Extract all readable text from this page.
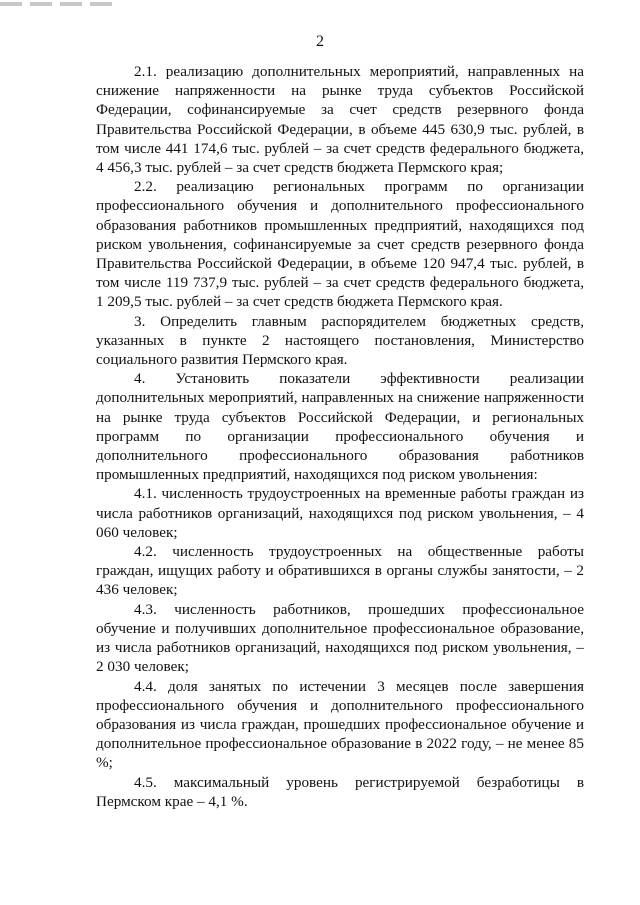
2

2.1. реализацию дополнительных мероприятий, направленных на снижение напряженности на рынке труда субъектов Российской Федерации, софинансируемые за счет средств резервного фонда Правительства Российской Федерации, в объеме 445 630,9 тыс. рублей, в том числе 441 174,6 тыс. рублей – за счет средств федерального бюджета, 4 456,3 тыс. рублей – за счет средств бюджета Пермского края;

2.2. реализацию региональных программ по организации профессионального обучения и дополнительного профессионального образования работников промышленных предприятий, находящихся под риском увольнения, софинансируемые за счет средств резервного фонда Правительства Российской Федерации, в объеме 120 947,4 тыс. рублей, в том числе 119 737,9 тыс. рублей – за счет средств федерального бюджета, 1 209,5 тыс. рублей – за счет средств бюджета Пермского края.

3. Определить главным распорядителем бюджетных средств, указанных в пункте 2 настоящего постановления, Министерство социального развития Пермского края.

4. Установить показатели эффективности реализации дополнительных мероприятий, направленных на снижение напряженности на рынке труда субъектов Российской Федерации, и региональных программ по организации профессионального обучения и дополнительного профессионального образования работников промышленных предприятий, находящихся под риском увольнения:

4.1. численность трудоустроенных на временные работы граждан из числа работников организаций, находящихся под риском увольнения, – 4 060 человек;

4.2. численность трудоустроенных на общественные работы граждан, ищущих работу и обратившихся в органы службы занятости, – 2 436 человек;

4.3. численность работников, прошедших профессиональное обучение и получивших дополнительное профессиональное образование, из числа работников организаций, находящихся под риском увольнения, – 2 030 человек;

4.4. доля занятых по истечении 3 месяцев после завершения профессионального обучения и дополнительного профессионального образования из числа граждан, прошедших профессиональное обучение и дополнительное профессиональное образование в 2022 году, – не менее 85 %;

4.5. максимальный уровень регистрируемой безработицы в Пермском крае – 4,1 %.
